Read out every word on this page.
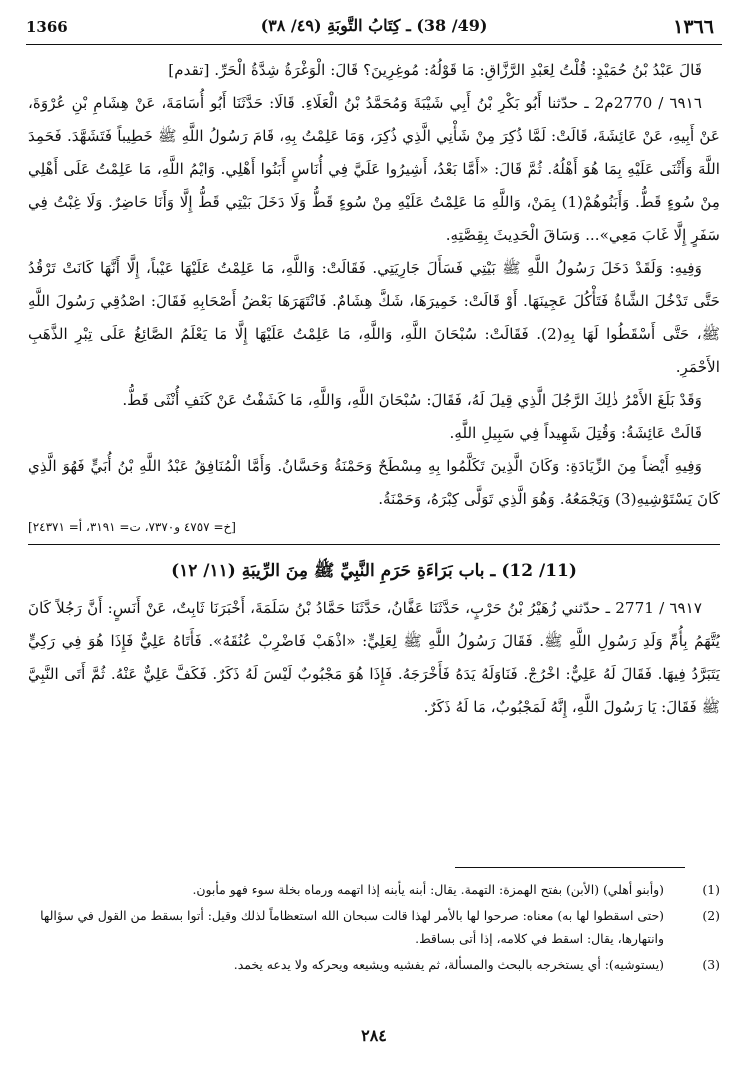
1366	(49/ 38) ـ كِتَابُ التَّوبَةِ (٤٩/ ٣٨)	١٣٦٦

قَالَ عَبْدُ بْنُ حُمَيْدٍ: قُلْتُ لِعَبْدِ الرَّزَّاقِ: مَا قَوْلُهُ: مُوغِرِينَ؟ قَالَ: الْوَغْرَةُ شِدَّةُ الْحَرِّ. [تقدم]

٦٩١٦ / 2770م2 ـ حدّثنا أَبُو بَكْرِ بْنُ أَبِي شَيْبَةَ وَمُحَمَّدُ بْنُ الْعَلَاءِ. قَالَا: حَدَّثَنَا أَبُو أُسَامَةَ، عَنْ هِشَامِ بْنِ عُرْوَةَ، عَنْ أَبِيهِ، عَنْ عَائِشَةَ، قَالَتْ: لَمَّا ذُكِرَ مِنْ شَأْنِي الَّذِي ذُكِرَ، وَمَا عَلِمْتُ بِهِ، قَامَ رَسُولُ اللَّهِ ﷺ خَطِيباً فَتَشَهَّدَ. فَحَمِدَ اللَّهَ وَأَثْنَى عَلَيْهِ بِمَا هُوَ أَهْلُهُ. ثُمَّ قَالَ: «أَمَّا بَعْدُ، أَشِيرُوا عَلَيَّ فِي أُنَاسٍ أَبَنُوا أَهْلِي. وَايْمُ اللَّهِ، مَا عَلِمْتُ عَلَى أَهْلِي مِنْ سُوءٍ قَطُّ. وَأَبَنُوهُمْ(1) بِمَنْ، وَاللَّهِ مَا عَلِمْتُ عَلَيْهِ مِنْ سُوءٍ قَطُّ وَلَا دَخَلَ بَيْتِي قَطُّ إِلَّا وَأَنَا حَاضِرٌ. وَلَا غِبْتُ فِي سَفَرٍ إِلَّا غَابَ مَعِي»... وَسَاقَ الْحَدِيثَ بِقِصَّتِهِ.

وَفِيهِ: وَلَقَدْ دَخَلَ رَسُولُ اللَّهِ ﷺ بَيْتِي فَسَأَلَ جَارِيَتِي. فَقَالَتْ: وَاللَّهِ، مَا عَلِمْتُ عَلَيْهَا عَيْباً، إِلَّا أَنَّهَا كَانَتْ تَرْقُدُ حَتَّى تَدْخُلَ الشَّاةُ فَتَأْكُلَ عَجِينَهَا. أَوْ قَالَتْ: خَمِيرَهَا، شَكَّ هِشَامٌ. فَانْتَهَرَهَا بَعْضُ أَصْحَابِهِ فَقَالَ: اصْدُقِي رَسُولَ اللَّهِ ﷺ، حَتَّى أَسْقَطُوا لَهَا بِهِ(2). فَقَالَتْ: سُبْحَانَ اللَّهِ، وَاللَّهِ، مَا عَلِمْتُ عَلَيْهَا إِلَّا مَا يَعْلَمُ الصَّائِغُ عَلَى تِبْرِ الذَّهَبِ الأَحْمَرِ.

وَقَدْ بَلَغَ الأَمْرُ ذٰلِكَ الرَّجُلَ الَّذِي قِيلَ لَهُ، فَقَالَ: سُبْحَانَ اللَّهِ، وَاللَّهِ، مَا كَشَفْتُ عَنْ كَنَفِ أُنْثَى قَطُّ.

قَالَتْ عَائِشَةُ: وَقُتِلَ شَهِيداً فِي سَبِيلِ اللَّهِ.

وَفِيهِ أَيْضاً مِنَ الزِّيَادَةِ: وَكَانَ الَّذِينَ تَكَلَّمُوا بِهِ مِسْطَحٌ وَحَمْنَةُ وَحَسَّانُ. وَأَمَّا الْمُنَافِقُ عَبْدُ اللَّهِ بْنُ أُبَيٍّ فَهُوَ الَّذِي كَانَ يَسْتَوْشِيهِ(3) وَيَجْمَعُهُ. وَهُوَ الَّذِي تَوَلَّى كِبْرَهُ، وَحَمْنَةُ.

[خ= ٤٧٥٧ و٧٣٧٠، ت= ٣١٩١، أ= ٢٤٣٧١]

(11/ 12) ـ باب بَرَاءَةِ حَرَمِ النَّبِيِّ ﷺ مِنَ الرِّيبَةِ (١١/ ١٢)

٦٩١٧ / 2771 ـ حدّثني زُهَيْرُ بْنُ حَرْبٍ، حَدَّثَنَا عَفَّانُ، حَدَّثَنَا حَمَّادُ بْنُ سَلَمَةَ، أَخْبَرَنَا ثَابِتٌ، عَنْ أَنَسٍ: أَنَّ رَجُلاً كَانَ يُتَّهَمُ بِأُمِّ وَلَدِ رَسُولِ اللَّهِ ﷺ. فَقَالَ رَسُولُ اللَّهِ ﷺ لِعَلِيٍّ: «اذْهَبْ فَاضْرِبْ عُنُقَهُ». فَأَتَاهُ عَلِيٌّ فَإِذَا هُوَ فِي رَكِيٍّ يَتَبَرَّدُ فِيهَا. فَقَالَ لَهُ عَلِيٌّ: اخْرُجْ. فَنَاوَلَهُ يَدَهُ فَأَخْرَجَهُ. فَإِذَا هُوَ مَجْبُوبٌ لَيْسَ لَهُ ذَكَرٌ. فَكَفَّ عَلِيٌّ عَنْهُ. ثُمَّ أَتَى النَّبِيَّ ﷺ فَقَالَ: يَا رَسُولَ اللَّهِ، إِنَّهُ لَمَجْبُوبٌ، مَا لَهُ ذَكَرٌ.

(1)
(وأبنو أهلي) (الأبن) بفتح الهمزة: التهمة. يقال: أبنه يأبنه إذا اتهمه ورماه بخلة سوء فهو مأبون.
(2)
(حتى اسقطوا لها به) معناه: صرحوا لها بالأمر لهذا قالت سبحان الله استعظاماً لذلك وقيل: أتوا بسقط من القول في سؤالها وانتهارها، يقال: اسقط في كلامه، إذا أتى بساقط.
(3)
(يستوشيه): أي يستخرجه بالبحث والمسألة، ثم يفشيه ويشيعه ويحركه ولا يدعه يخمد.
٢٨٤
